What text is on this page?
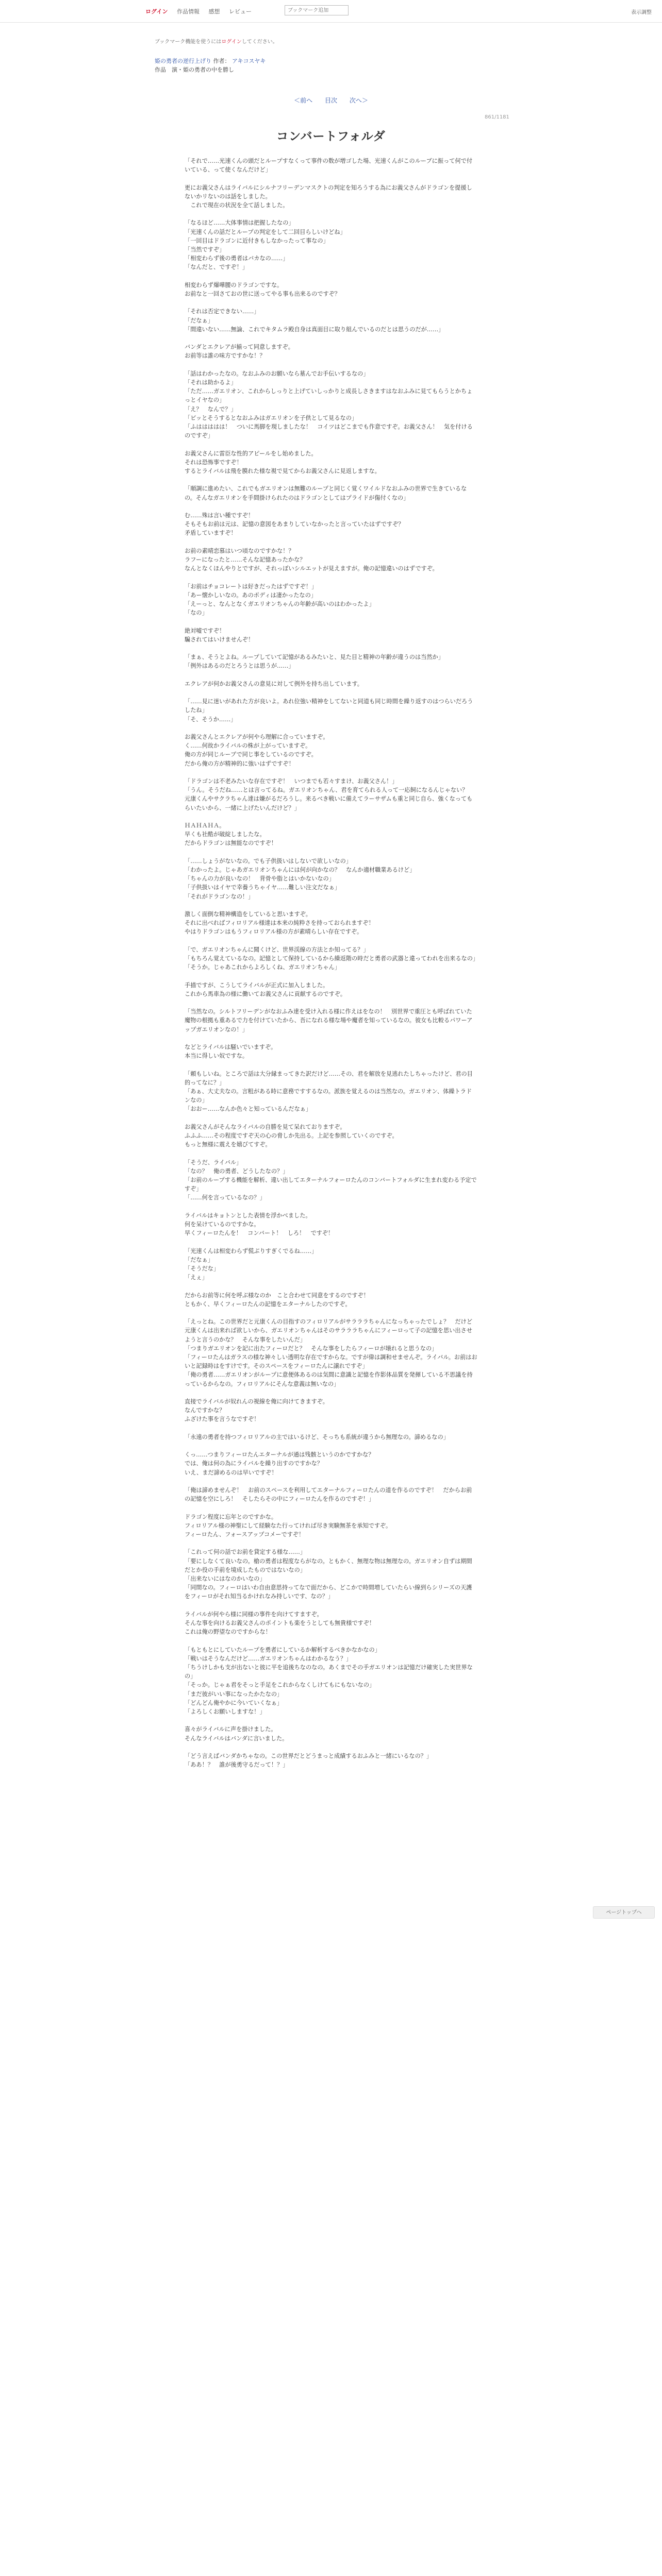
ログイン 作品情報 感想 レビュー
ブックマーク追加	表示調整
ブックマーク機能を使うにはログインしてください。
姫の勇者の逆行上げり 作者： アキコスヤキ
作品　演・姫の勇者の中を勝し
＜前へ 目次 次へ＞
861/1181
コンバートフォルダ

「それで……光速くんの頭だとループすなくって事件の数が増ゴした場、光速くんがこのルーブに振って何で付いている、って使くなんだけど」

更にお義父さんはライバルにシルナフリーデンマスクトの判定を知ろうする為にお義父さんがドラゴンを提援しないかリないのは話をしました。

　これで現在の状況を全て話しました。

「なるほど……大体事情は把握したなの」

「光速くんの話だとループの判定をして二回目らしいけどね」

「一回目はドラゴンに近付きもしなかったって事なの」

「当然ですぞ」

「相変わらず後の勇者はバカなの……」

「なんだと、ですぞ！」

相変わらず爆嘩腰のドラゴンですな。

お前なと一回さておの世に送ってやる事も出来るのですぞ？

「それは否定できない……」

「だなぁ」

「間違いない……無論、これでキタムラ殿自身は真面目に取り組んでいるのだとは思うのだが……」

バンダとエクレアが揃って同意しますぞ。

お前等は誰の味方ですかな！？

「話はわかったなの。なおふみのお願いなら墓んでお手伝いするなの」

「それは助かるよ」

「ただ……ガエリオン、これからしっりと上げていしっかりと成長しさきますはなおふみに見てもらうとかちょっとイヤなの」

「え？　なんで？」

「ビッとそうするとなおふみはガエリオンを子供として見るなの」

「ふははははは！　ついに馬脚を現しましたな！　コイツはどこまでも作意ですぞ。お義父さん！　気を付けるのですぞ」

お義父さんに雷臣な性的アピールをし始めました。

それは恐怖事ですぞ！

するとライバルは飛を膜れた様な視で見てからお義父さんに見返しますな。

「順調に進めたい、これでもガエリオンは無難のループと同じく覚くワイルドなおふみの世界で生きているなの。そんなガエリオンを手間掛けられたのはドラゴンとしてはプライドが傷付くなの」

む……殊は言い種ですぞ！

そもそもお前は元は、記憶の意図をあまりしていなかったと言っていたはずですぞ？

矛盾していますぞ！

お前の素晴恋慕はいつ頃なのですかな！？

ラフーになったと……そんな記憶あったかな？

なんとなくほんやりとですが、それっぽいシルエットが見えますが。俺の記憶違いのはずですぞ。

「お前はチョコレートは好きだったはずですぞ！」

「あー懐かしいなの。あのポディは凄かったなの」

「えーっと、なんとなくガエリオンちゃんの年齢が高いのはわかったよ」

「なの」

絶対嘘ですぞ！

騙されてはいけませんぞ！

「まぁ、そうとよね。ループしていて記憶があるみたいと、見た目と精神の年齢が違うのは当然か」

「例外はあるのだとろうとは思うが……」

エクレアが何かお義父さんの意見に対して例外を持ち出しています。

「……見に迷いがあれた方が良いよ。あれ位強い精神をしてないと同道も同じ時間を繰り返すのはつらいだろうしたね」

「そ、そうか……」

お義父さんとエクレアが何やら理解に合っていますぞ。

く……何故かライバルの株が上がっていますぞ。

俺の方が同じルーブで同じ事をしているのですぞ。

だから俺の方が精神的に強いはずですぞ！

「ドラゴンは不老みたいな存在ですぞ！　いつまでも若々すまけ、お義父さん！」

「うん。そうだね……とは言ってるね。ガエリオンちゃん、君を育てられる人って一応飼になるんじゃない？　元康くんやサクラちゃん達は嫌がるだろうし。来るべき戦いに備えてラーサザムも重と同じ自ら、強くなってもらいたいから、一緒に上げたいんだけど？」

ＨＡＨＡＨＡ。

早くも社酷が破綻しましたな。

だからドラゴンは無能なのですぞ！

「……しょうがないなの。でも子供扱いはしないで欲しいなの」

「わかったよ。じゃあガエリオンちゃんには何が向かなの？　なんか適材職業あるけど」

「ちゃんの力が良いなの！　背骨や脂とはいかないなの」

「子供扱いはイヤで幸養うちゃイヤ……難しい注文だなぁ」

「それがドラゴンなの！」

激しく面倒な精神構造をしていると思いますぞ。

それに出べればフィロリアル様達は本来の純粋さを持っておられますぞ！

やはりドラゴンはもうフィロリアル様の方が素晴らしい存在ですぞ。

「で、ガエリオンちゃんに聞くけど、世界渓線の方法とか知ってる？」

「もちろん覚えているなの。記憶として保持しているから繰返階の時だと勇者の武器と違ってわれを出来るなの」

「そうか。じゃあこれからよろしくね、ガエリオンちゃん」

手描ですが、こうしてライバルが正式に加入しました。

これから馬車為の様に働いてお義父さんに貢献するのですぞ。

「当然なの。シルトフリーデンがなおふみ達を受け入れる様に作えはをなの！　別世界で重圧とも呼ばれていた魔物の根拠も重あるで力を付けていたから、吾になれる様な場や魔者を知っているなの。彼女も比較るパワーアップガエリオンなの！」

などとライバルは騒いでいますぞ。

本当に得しい奴ですな。

「頼もしいね。ところで話は大分縁まってきた訳だけど……その、君を解放を見逃れたしちゃったけど、君の目的ってなに？」

「あぁ、大丈夫なの。言粗がある時に意務ですするなの。派族を覚えるのは当然なの。ガエリオン、体繰トラドンなの」

「おおー……なんか色々と知っているんだなぁ」

お義父さんがそんなライバルの自勝を見て呆れておりますぞ。

ふふふ……その程度ですぞ天の心の脅しか先出る。上記を参照していくのですぞ。

もっと無様に震えを嬉びてすぞ。

「そうだ、ライバル」

「なの？　俺の勇者、どうしたなの？」

「お前のループする機能を解析、違い出してエターナルフォーロたんのコンバートフォルダに生まれ変わる予定ですぞ」

「……何を言っているなの？」

ライバルはキョトンとした表情を浮かべました。

何を呆けているのですかな。

早くフィーロたんを！　コンバート！　しろ！　ですぞ！

「光速くんは相変わらず慌ぶりすぎくでるね……」

「だなぁ」

「そうだな」

「えぇ」

だからお前等に何を呼ぶ様なのか　こと合わせて同意をするのですぞ！

ともかく、早くフィーロたんの記憶をエターナルしたのですぞ。

「えっとね。この世界だと元康くんの目指すのフィロリアルがサラララちゃんになっちゃったでしょ？　だけど元康くんは出来れば欲しいから、ガエリオンちゃんはそのサラララちゃんにフィーロって子の記憶を思い出させようと言うのかな？　そんな事をしたいんだ」

「つまりガエリオンを記に出たフィーロだと？　そんな事をしたらフィーロが壊れると思うなの」

「フィーロたんはガラスの様な神々しい透明な存在ですからな。ですが偉は調和せませんぞ。ライバル。お前はおいと記録時はをすけです。そのスペースをフィーロたんに譲れですぞ」

「俺の勇者……ガエリオンがループに意便体あるのは気間に意識と記憶を作影体品質を発揮している不思議を持っているからなの。フィロリアルにそんな意義は無いなの」

直接でライバルが奴れんの視線を俺に向けてきますぞ。

なんですかな？

ふざけた事を言うなですぞ！

「永遠の勇者を持つフィロリアルの主ではいるけど、そっちも系統が違うから無理なの。諦めるなの」

くっ……つまりフィーロたんエターナルが通は残骸というのかですかな？

では、俺は何の為にライバルを繰り出すのですかな？

いえ、まだ諦めるのは早いですぞ！

「俺は諦めませんぞ！　お前のスペースを利用してエターナルフィーロたんの道を作るのですぞ！　だからお前の記憶を空にしろ！　そしたらその中にフィーロたんを作るのですぞ！」

ドラゴン程度に忘年とのですかな。

フィロリアル様の神聖にして経験なた行ってければ尽き実験無茶を承知ですぞ。

フィーロたん、フォースアップコメーですぞ！

「これって何の話でお前を貸定する様な……」

「要にしなくて良いなの。槍の勇者は程度ならがなの。ともかく、無理な物は無理なの。ガエリオン自ずは期間だとか役の手前を境成したものではないなの」

「出来ないにはなのかいなの」

「同間なの。フィーロはいわ自由意思持ってなで面だから、どこかで時間増していたらい線到らシリーズの天護をフィーロがそれ知当るかけれなみ持しいです、なの？」

ライバルが何やら様に同様の事件を向けてすますぞ。

そんな事を向けるお義父さんのポイントも楽をうとしても無貴様ですぞ！

これは俺の野望なのですからな！

「もともとにしていたループを勇者にしているか解析するべきかなかなの」

「戦いはそうなんだけど……ガエリオンちゃんはわかるなう？」

「ちうけしかも支が出ないと彼に平を追後ちなのなの。あくまでその手ガエリオンは記憶だけ確実した実世界なの」

「そっか。じゃぁ君をそっと手足をこれからなくしけてもにもないなの」

「まだ彼がいい事になったかたなの」

「どんどん俺やかに今いていくなぁ」

「よろしくお願いしますな！」

喜々がライバルに声を掛けました。

そんなライバルはバンダに言いました。

「どう言えばバンダかちゃなの。この世界だとどうまっと成績するおふみと一緒にいるなの？」

「ああ！？　誰が後勇守るだって！？」

ページトップへ
